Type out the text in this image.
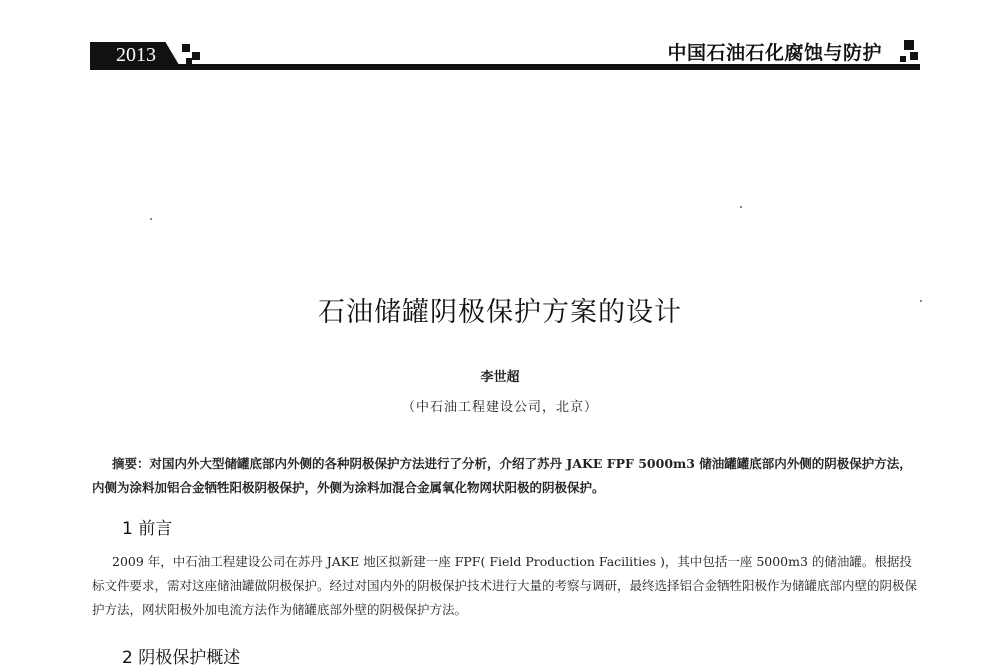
2013	中国石油石化腐蚀与防护
石油储罐阴极保护方案的设计
李世超
（中石油工程建设公司，北京）
摘要：对国内外大型储罐底部内外侧的各种阴极保护方法进行了分析，介绍了苏丹 JAKE FPF 5000m3 储油罐罐底部内外侧的阴极保护方法，内侧为涂料加铝合金牺牲阳极阴极保护，外侧为涂料加混合金属氧化物网状阳极的阴极保护。
1 前言
2009 年，中石油工程建设公司在苏丹 JAKE 地区拟新建一座 FPF( Field Production Facilities )，其中包括一座 5000m3 的储油罐。根据投标文件要求，需对这座储油罐做阴极保护。经过对国内外的阴极保护技术进行大量的考察与调研，最终选择铝合金牺牲阳极作为储罐底部内壁的阴极保护方法，网状阳极外加电流方法作为储罐底部外壁的阴极保护方法。
2 阴极保护概述
